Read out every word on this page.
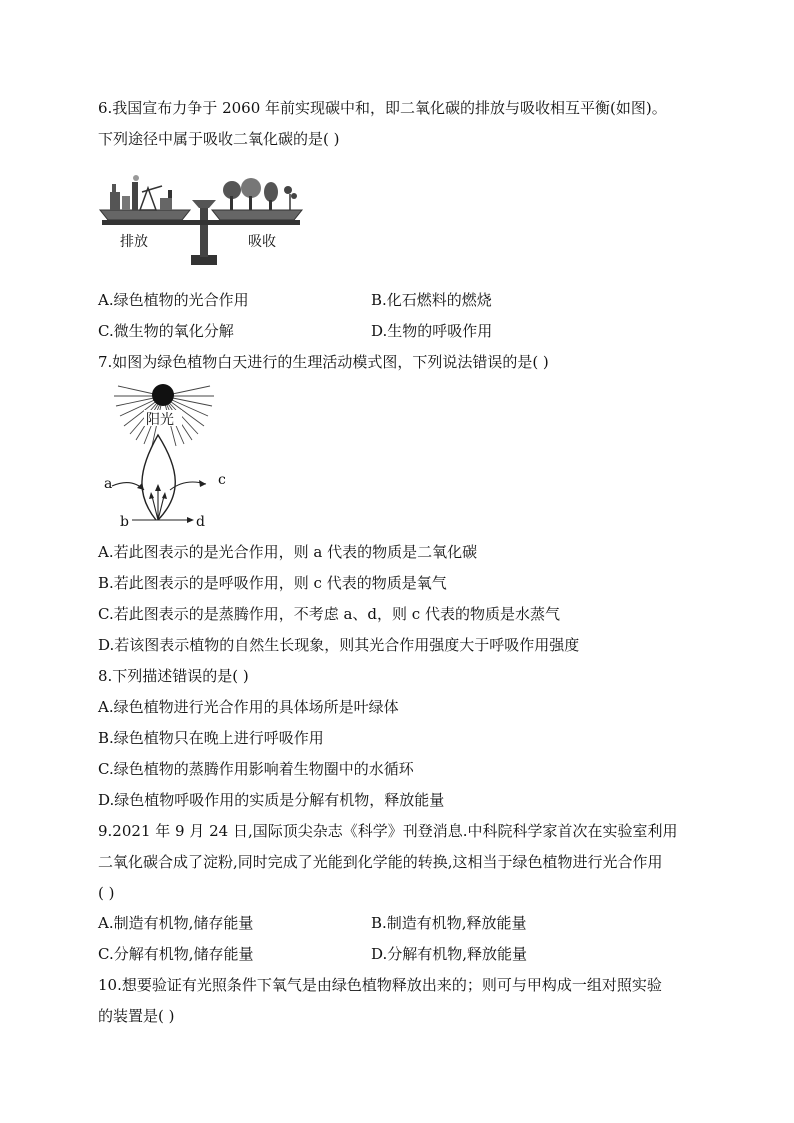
6.我国宣布力争于 2060 年前实现碳中和，即二氧化碳的排放与吸收相互平衡(如图)。
下列途径中属于吸收二氧化碳的是( )
排放	吸收
A.绿色植物的光合作用	B.化石燃料的燃烧
C.微生物的氧化分解	D.生物的呼吸作用
7.如图为绿色植物白天进行的生理活动模式图，下列说法错误的是( )
阳光
a
b
c
d
A.若此图表示的是光合作用，则 a 代表的物质是二氧化碳
B.若此图表示的是呼吸作用，则 c 代表的物质是氧气
C.若此图表示的是蒸腾作用，不考虑 a、d，则 c 代表的物质是水蒸气
D.若该图表示植物的自然生长现象，则其光合作用强度大于呼吸作用强度
8.下列描述错误的是( )
A.绿色植物进行光合作用的具体场所是叶绿体
B.绿色植物只在晚上进行呼吸作用
C.绿色植物的蒸腾作用影响着生物圈中的水循环
D.绿色植物呼吸作用的实质是分解有机物，释放能量
9.2021 年 9 月 24 日,国际顶尖杂志《科学》刊登消息.中科院科学家首次在实验室利用
二氧化碳合成了淀粉,同时完成了光能到化学能的转换,这相当于绿色植物进行光合作用
( )
A.制造有机物,储存能量	B.制造有机物,释放能量
C.分解有机物,储存能量	D.分解有机物,释放能量
10.想要验证有光照条件下氧气是由绿色植物释放出来的；则可与甲构成一组对照实验
的装置是( )
